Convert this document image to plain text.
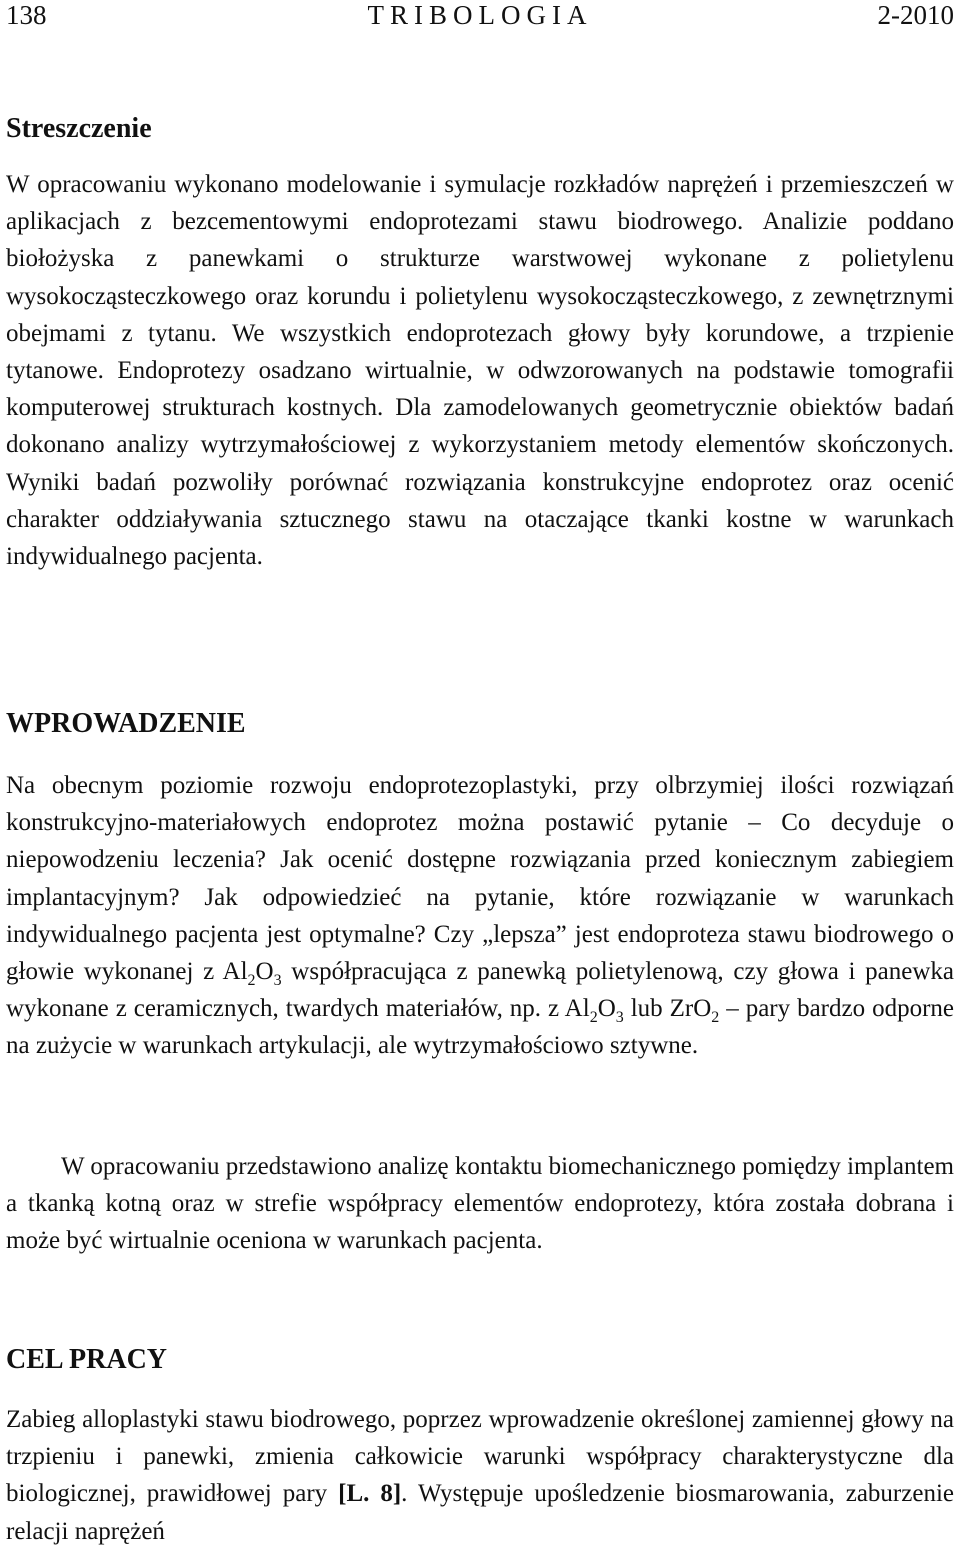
138	TRIBOLOGIA	2-2010
Streszczenie

W opracowaniu wykonano modelowanie i symulacje rozkładów naprężeń i przemieszczeń w aplikacjach z bezcementowymi endoprotezami stawu biodrowego. Analizie poddano biołożyska z panewkami o strukturze warstwowej wykonane z polietylenu wysokocząsteczkowego oraz korundu i polietylenu wysokocząsteczkowego, z zewnętrznymi obejmami z tytanu. We wszystkich endoprotezach głowy były korundowe, a trzpienie tytanowe. Endoprotezy osadzano wirtualnie, w odwzorowanych na podstawie tomografii komputerowej strukturach kostnych. Dla zamodelowanych geometrycznie obiektów badań dokonano analizy wytrzymałościowej z wykorzystaniem metody elementów skończonych. Wyniki badań pozwoliły porównać rozwiązania konstrukcyjne endoprotez oraz ocenić charakter oddziaływania sztucznego stawu na otaczające tkanki kostne w warunkach indywidualnego pacjenta.

WPROWADZENIE

Na obecnym poziomie rozwoju endoprotezoplastyki, przy olbrzymiej ilości rozwiązań konstrukcyjno-materiałowych endoprotez można postawić pytanie – Co decyduje o niepowodzeniu leczenia? Jak ocenić dostępne rozwiązania przed koniecznym zabiegiem implantacyjnym? Jak odpowiedzieć na pytanie, które rozwiązanie w warunkach indywidualnego pacjenta jest optymalne? Czy „lepsza” jest endoproteza stawu biodrowego o głowie wykonanej z $Al_2O_3$ współpracująca z panewką polietylenową, czy głowa i panewka wykonane z ceramicznych, twardych materiałów, np. z $Al_2O_3$ lub ZrO$_2$ – pary bardzo odporne na zużycie w warunkach artykulacji, ale wytrzymałościowo sztywne.

W opracowaniu przedstawiono analizę kontaktu biomechanicznego pomiędzy implantem a tkanką kotną oraz w strefie współpracy elementów endoprotezy, która została dobrana i może być wirtualnie oceniona w warunkach pacjenta.

CEL PRACY

Zabieg alloplastyki stawu biodrowego, poprzez wprowadzenie określonej zamiennej głowy na trzpieniu i panewki, zmienia całkowicie warunki współpracy charakterystyczne dla biologicznej, prawidłowej pary [L. 8]. Występuje upośledzenie biosmarowania, zaburzenie relacji naprężeń
